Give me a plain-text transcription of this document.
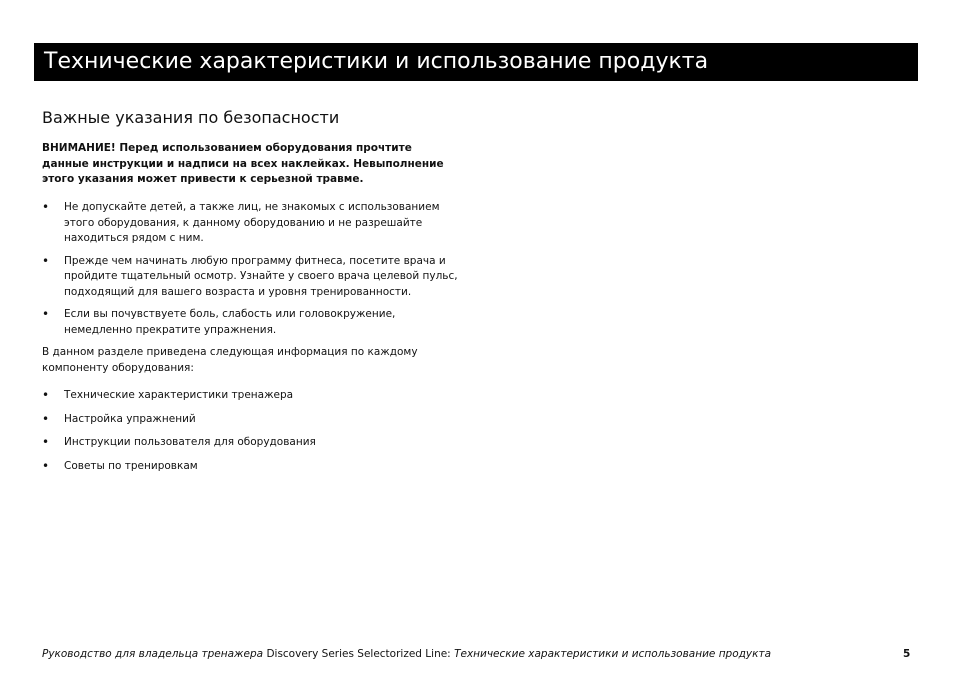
Технические характеристики и использование продукта
Важные указания по безопасности
ВНИМАНИЕ! Перед использованием оборудования прочтите данные инструкции и надписи на всех наклейках. Невыполнение этого указания может привести к серьезной травме.
• Не допускайте детей, а также лиц, не знакомых с использованием этого оборудования, к данному оборудованию и не разрешайте находиться рядом с ним.
• Прежде чем начинать любую программу фитнеса, посетите врача и пройдите тщательный осмотр. Узнайте у своего врача целевой пульс, подходящий для вашего возраста и уровня тренированности.
• Если вы почувствуете боль, слабость или головокружение, немедленно прекратите упражнения.
В данном разделе приведена следующая информация по каждому компоненту оборудования:
• Технические характеристики тренажера
• Настройка упражнений
• Инструкции пользователя для оборудования
• Советы по тренировкам
Руководство для владельца тренажера Discovery Series Selectorized Line: Технические характеристики и использование продукта	5
